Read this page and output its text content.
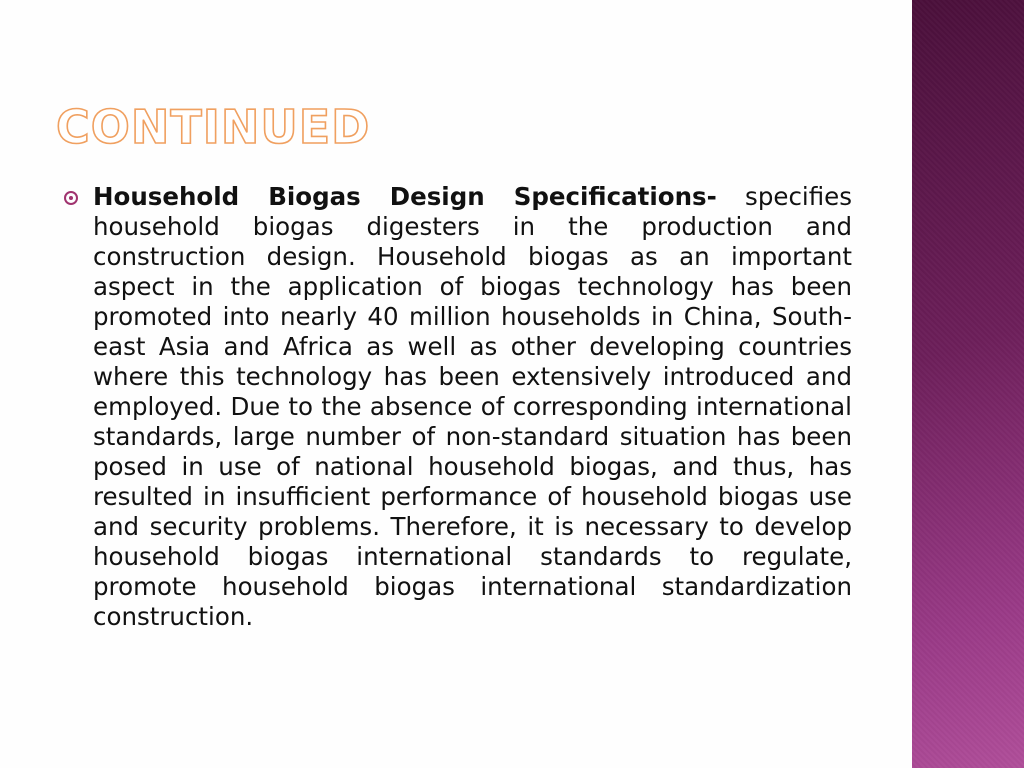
CONTINUED
Household Biogas Design Specifications- specifies household biogas digesters in the production and construction design. Household biogas as an important aspect in the application of biogas technology has been promoted into nearly 40 million households in China, South-east Asia and Africa as well as other developing countries where this technology has been extensively introduced and employed. Due to the absence of corresponding international standards, large number of non-standard situation has been posed in use of national household biogas, and thus, has resulted in insufficient performance of household biogas use and security problems. Therefore, it is necessary to develop household biogas international standards to regulate, promote household biogas international standardization construction.
